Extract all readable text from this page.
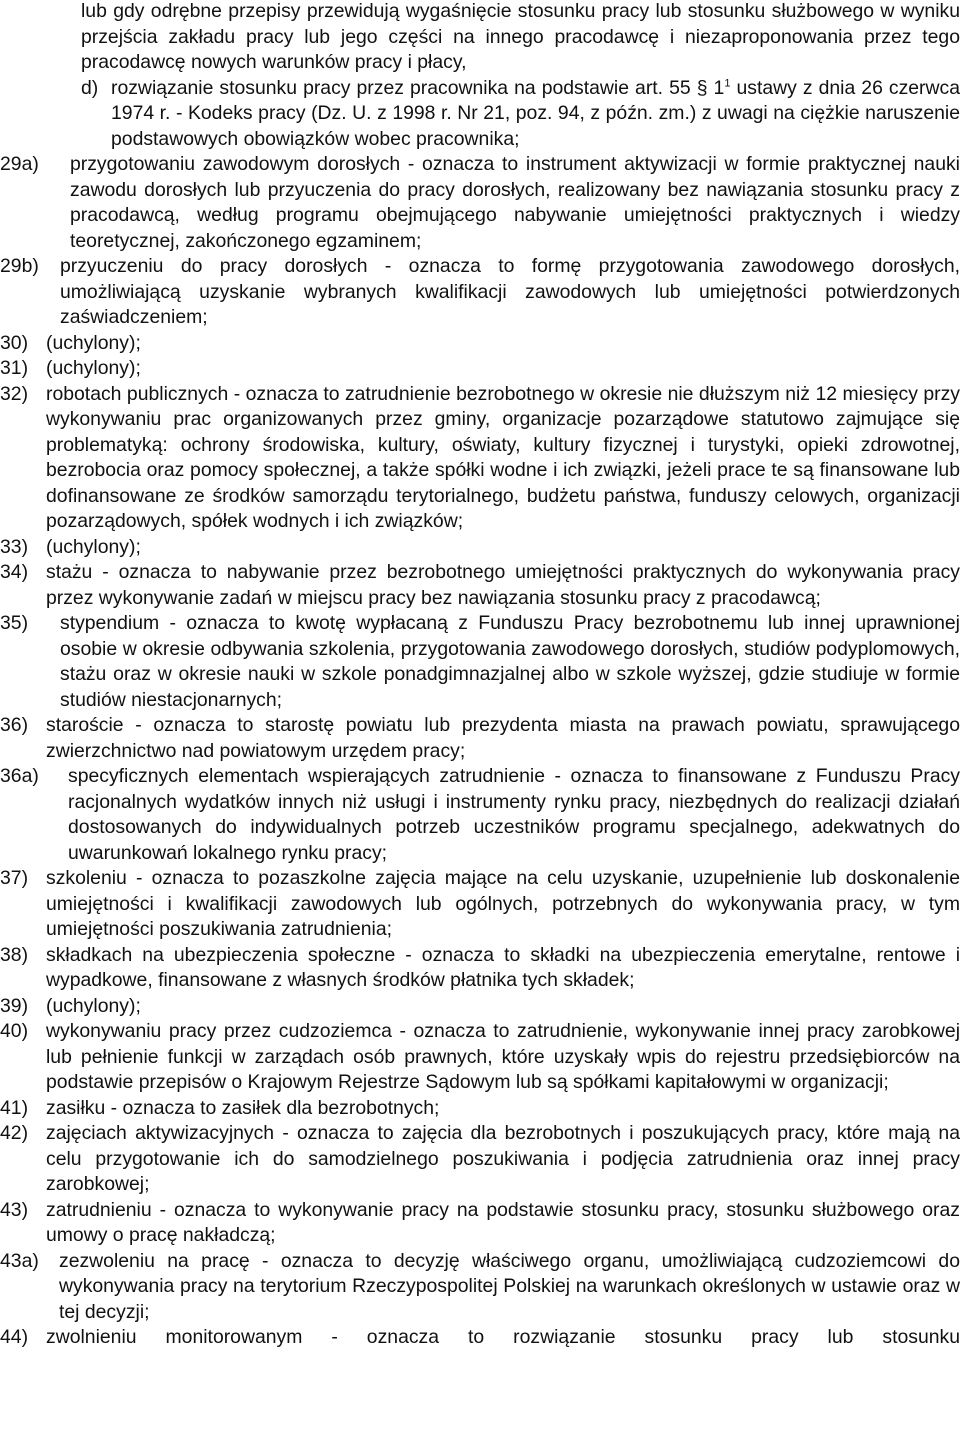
lub gdy odrębne przepisy przewidują wygaśnięcie stosunku pracy lub stosunku służbowego w wyniku przejścia zakładu pracy lub jego części na innego pracodawcę i niezaproponowania przez tego pracodawcę nowych warunków pracy i płacy,
d) rozwiązanie stosunku pracy przez pracownika na podstawie art. 55 § $1^1$ ustawy z dnia 26 czerwca 1974 r. - Kodeks pracy (Dz. U. z 1998 r. Nr 21, poz. 94, z późn. zm.) z uwagi na ciężkie naruszenie podstawowych obowiązków wobec pracownika;
29a)	przygotowaniu zawodowym dorosłych - oznacza to instrument aktywizacji w formie praktycznej nauki zawodu dorosłych lub przyuczenia do pracy dorosłych, realizowany bez nawiązania stosunku pracy z pracodawcą, według programu obejmującego nabywanie umiejętności praktycznych i wiedzy teoretycznej, zakończonego egzaminem;
29b)	przyuczeniu do pracy dorosłych - oznacza to formę przygotowania zawodowego dorosłych, umożliwiającą uzyskanie wybranych kwalifikacji zawodowych lub umiejętności potwierdzonych zaświadczeniem;
30) (uchylony);
31) (uchylony);
32) robotach publicznych - oznacza to zatrudnienie bezrobotnego w okresie nie dłuższym niż 12 miesięcy przy wykonywaniu prac organizowanych przez gminy, organizacje pozarządowe statutowo zajmujące się problematyką: ochrony środowiska, kultury, oświaty, kultury fizycznej i turystyki, opieki zdrowotnej, bezrobocia oraz pomocy społecznej, a także spółki wodne i ich związki, jeżeli prace te są finansowane lub dofinansowane ze środków samorządu terytorialnego, budżetu państwa, funduszy celowych, organizacji pozarządowych, spółek wodnych i ich związków;
33) (uchylony);
34) stażu - oznacza to nabywanie przez bezrobotnego umiejętności praktycznych do wykonywania pracy przez wykonywanie zadań w miejscu pracy bez nawiązania stosunku pracy z pracodawcą;
35)	stypendium - oznacza to kwotę wypłacaną z Funduszu Pracy bezrobotnemu lub innej uprawnionej osobie w okresie odbywania szkolenia, przygotowania zawodowego dorosłych, studiów podyplomowych, stażu oraz w okresie nauki w szkole ponadgimnazjalnej albo w szkole wyższej, gdzie studiuje w formie studiów niestacjonarnych;
36) staroście - oznacza to starostę powiatu lub prezydenta miasta na prawach powiatu, sprawującego zwierzchnictwo nad powiatowym urzędem pracy;
36a)	specyficznych elementach wspierających zatrudnienie - oznacza to finansowane z Funduszu Pracy racjonalnych wydatków innych niż usługi i instrumenty rynku pracy, niezbędnych do realizacji działań dostosowanych do indywidualnych potrzeb uczestników programu specjalnego, adekwatnych do uwarunkowań lokalnego rynku pracy;
37) szkoleniu - oznacza to pozaszkolne zajęcia mające na celu uzyskanie, uzupełnienie lub doskonalenie umiejętności i kwalifikacji zawodowych lub ogólnych, potrzebnych do wykonywania pracy, w tym umiejętności poszukiwania zatrudnienia;
38) składkach na ubezpieczenia społeczne - oznacza to składki na ubezpieczenia emerytalne, rentowe i wypadkowe, finansowane z własnych środków płatnika tych składek;
39) (uchylony);
40) wykonywaniu pracy przez cudzoziemca - oznacza to zatrudnienie, wykonywanie innej pracy zarobkowej lub pełnienie funkcji w zarządach osób prawnych, które uzyskały wpis do rejestru przedsiębiorców na podstawie przepisów o Krajowym Rejestrze Sądowym lub są spółkami kapitałowymi w organizacji;
41) zasiłku - oznacza to zasiłek dla bezrobotnych;
42) zajęciach aktywizacyjnych - oznacza to zajęcia dla bezrobotnych i poszukujących pracy, które mają na celu przygotowanie ich do samodzielnego poszukiwania i podjęcia zatrudnienia oraz innej pracy zarobkowej;
43) zatrudnieniu - oznacza to wykonywanie pracy na podstawie stosunku pracy, stosunku służbowego oraz umowy o pracę nakładczą;
43a)	zezwoleniu na pracę - oznacza to decyzję właściwego organu, umożliwiającą cudzoziemcowi do wykonywania pracy na terytorium Rzeczypospolitej Polskiej na warunkach określonych w ustawie oraz w tej decyzji;
44) zwolnieniu monitorowanym - oznacza to rozwiązanie stosunku pracy lub stosunku
